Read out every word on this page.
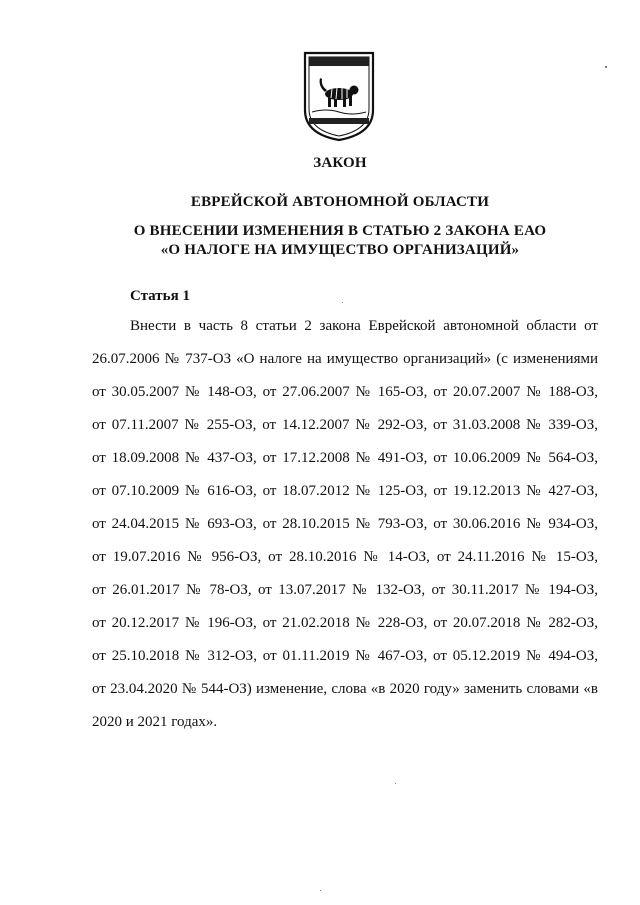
ЗАКОН
ЕВРЕЙСКОЙ АВТОНОМНОЙ ОБЛАСТИ
О ВНЕСЕНИИ ИЗМЕНЕНИЯ В СТАТЬЮ 2 ЗАКОНА ЕАО
«О НАЛОГЕ НА ИМУЩЕСТВО ОРГАНИЗАЦИЙ»
Статья 1
Внести в часть 8 статьи 2 закона Еврейской автономной области от
26.07.2006 № 737-ОЗ «О налоге на имущество организаций» (с изменениями
от 30.05.2007 № 148-ОЗ, от 27.06.2007 № 165-ОЗ, от 20.07.2007 № 188-ОЗ,
от 07.11.2007 № 255-ОЗ, от 14.12.2007 № 292-ОЗ, от 31.03.2008 № 339-ОЗ,
от 18.09.2008 № 437-ОЗ, от 17.12.2008 № 491-ОЗ, от 10.06.2009 № 564-ОЗ,
от 07.10.2009 № 616-ОЗ, от 18.07.2012 № 125-ОЗ, от 19.12.2013 № 427-ОЗ,
от 24.04.2015 № 693-ОЗ, от 28.10.2015 № 793-ОЗ, от 30.06.2016 № 934-ОЗ,
от 19.07.2016 № 956-ОЗ, от 28.10.2016 № 14-ОЗ, от 24.11.2016 № 15-ОЗ,
от 26.01.2017 № 78-ОЗ, от 13.07.2017 № 132-ОЗ, от 30.11.2017 № 194-ОЗ,
от 20.12.2017 № 196-ОЗ, от 21.02.2018 № 228-ОЗ, от 20.07.2018 № 282-ОЗ,
от 25.10.2018 № 312-ОЗ, от 01.11.2019 № 467-ОЗ, от 05.12.2019 № 494-ОЗ,
от 23.04.2020 № 544-ОЗ) изменение, слова «в 2020 году» заменить словами «в
2020 и 2021 годах».
